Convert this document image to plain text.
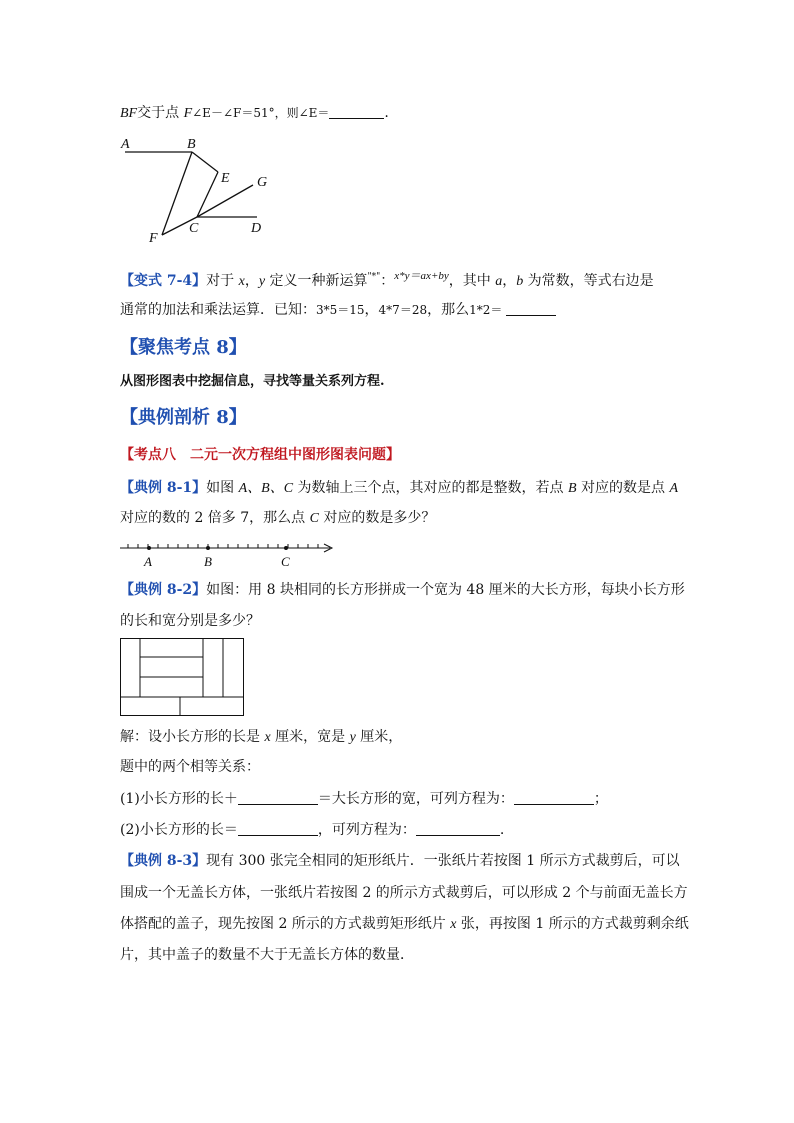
BF交于点 F∠E－∠F＝51°，则∠E＝	.
A	B
E G
F
C	D
【变式 7-4】对于 x，y 定义一种新运算"*"：$^{x*y=ax+by}$，其中 a，b 为常数，等式右边是
通常的加法和乘法运算．已知：3*5＝15，4*7＝28，那么1*2＝
【聚焦考点 8】
从图形图表中挖掘信息，寻找等量关系列方程.
【典例剖析 8】
【考点八　二元一次方程组中图形图表问题】
【典例 8-1】如图 A、B、C 为数轴上三个点，其对应的都是整数，若点 B 对应的数是点 A
对应的数的 2 倍多 7，那么点 C 对应的数是多少？
A	B	C
【典例 8-2】如图：用 8 块相同的长方形拼成一个宽为 48 厘米的大长方形，每块小长方形
的长和宽分别是多少？
解：设小长方形的长是 x 厘米，宽是 y 厘米，
题中的两个相等关系：
(1)小长方形的长＋	＝大长方形的宽，可列方程为：	；
(2)小长方形的长＝	，可列方程为：	.
【典例 8-3】现有 300 张完全相同的矩形纸片．一张纸片若按图 1 所示方式裁剪后，可以
围成一个无盖长方体，一张纸片若按图 2 的所示方式裁剪后，可以形成 2 个与前面无盖长方
体搭配的盖子，现先按图 2 所示的方式裁剪矩形纸片 x 张，再按图 1 所示的方式裁剪剩余纸
片，其中盖子的数量不大于无盖长方体的数量．
